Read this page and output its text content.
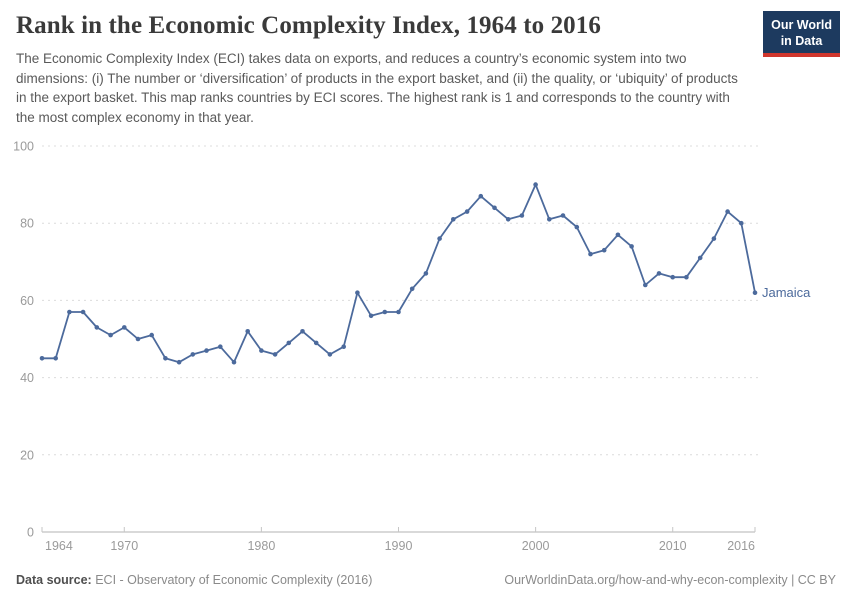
Rank in the Economic Complexity Index, 1964 to 2016

The Economic Complexity Index (ECI) takes data on exports, and reduces a country’s economic system into two dimensions: (i) The number or ‘diversification’ of products in the export basket, and (ii) the quality, or ‘ubiquity’ of products in the export basket. This map ranks countries by ECI scores. The highest rank is 1 and corresponds to the country with the most complex economy in that year.

Our World
in Data
0
20
40
60
80
100
1964	1970	1980	1990	2000	2010	2016
Jamaica
Data source: ECI - Observatory of Economic Complexity (2016)	OurWorldinData.org/how-and-why-econ-complexity | CC BY
